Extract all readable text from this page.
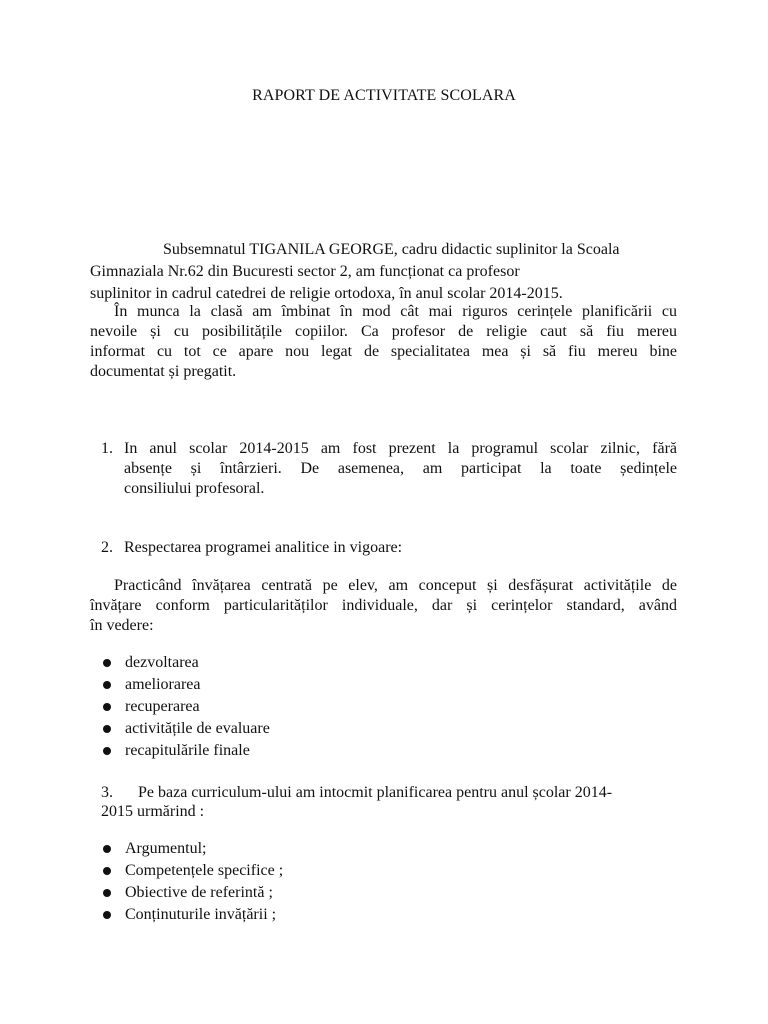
RAPORT DE ACTIVITATE SCOLARA
Subsemnatul TIGANILA GEORGE, cadru didactic suplinitor la Scoala
Gimnaziala Nr.62 din Bucuresti sector 2, am funcționat ca profesor
suplinitor in cadrul catedrei de religie ortodoxa, în anul scolar 2014-2015.
În munca la clasă am îmbinat în mod cât mai riguros cerințele planificării cu
nevoile și cu posibilitățile copiilor. Ca profesor de religie caut să fiu mereu
informat cu tot ce apare nou legat de specialitatea mea și să fiu mereu bine
documentat și pregatit.
1. In anul scolar 2014-2015 am fost prezent la programul scolar zilnic, fără
absențe și întârzieri. De asemenea, am participat la toate ședințele
consiliului profesoral.
2. Respectarea programei analitice in vigoare:
Practicând învățarea centrată pe elev, am conceput și desfășurat activitățile de
învățare conform particularităților individuale, dar și cerințelor standard, având
în vedere:
dezvoltarea
ameliorarea
recuperarea
activitățile de evaluare
recapitulările finale
3. Pe baza curriculum-ului am intocmit planificarea pentru anul școlar 2014-
2015 urmărind :
Argumentul;
Competențele specifice ;
Obiective de referintă ;
Conținuturile invățării ;
